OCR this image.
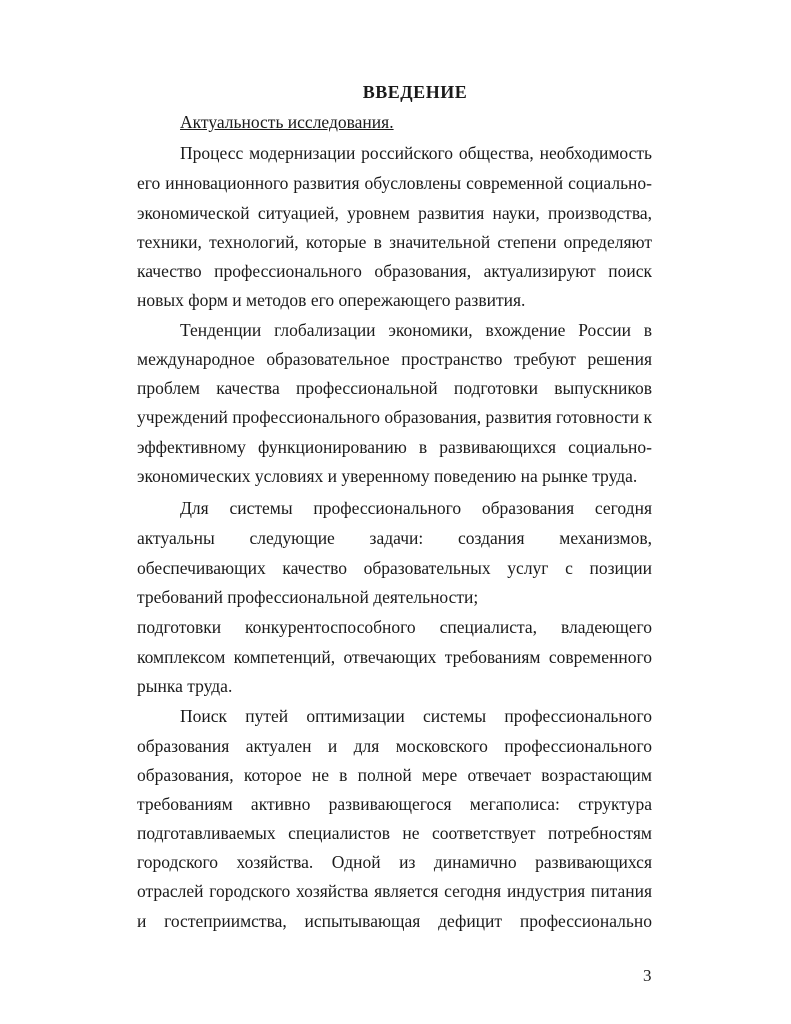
ВВЕДЕНИЕ
Актуальность исследования.
Процесс модернизации российского общества, необходимость
его инновационного развития обусловлены современной социально-
экономической ситуацией, уровнем развития науки, производства,
техники, технологий, которые в значительной степени определяют
качество профессионального образования, актуализируют поиск
новых форм и методов его опережающего развития.
Тенденции глобализации экономики, вхождение России в
международное образовательное пространство требуют решения
проблем качества профессиональной подготовки выпускников
учреждений профессионального образования, развития готовности к
эффективному функционированию в развивающихся социально-
экономических условиях и уверенному поведению на рынке труда.
Для системы профессионального образования сегодня
актуальны следующие задачи: создания механизмов,
обеспечивающих качество образовательных услуг с позиции
требований профессиональной деятельности;
подготовки конкурентоспособного специалиста, владеющего
комплексом компетенций, отвечающих требованиям современного
рынка труда.
Поиск путей оптимизации системы профессионального
образования актуален и для московского профессионального
образования, которое не в полной мере отвечает возрастающим
требованиям активно развивающегося мегаполиса: структура
подготавливаемых специалистов не соответствует потребностям
городского хозяйства. Одной из динамично развивающихся
отраслей городского хозяйства является сегодня индустрия питания
и гостеприимства, испытывающая дефицит профессионально
3
